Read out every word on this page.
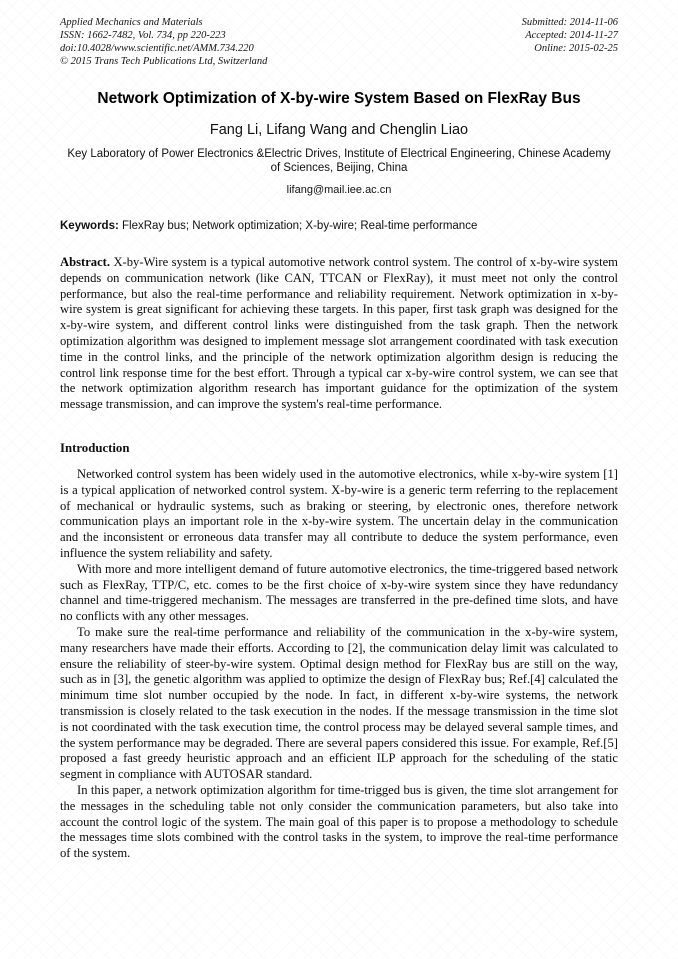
Applied Mechanics and Materials
ISSN: 1662-7482, Vol. 734, pp 220-223
doi:10.4028/www.scientific.net/AMM.734.220
© 2015 Trans Tech Publications Ltd, Switzerland
Submitted: 2014-11-06
Accepted: 2014-11-27
Online: 2015-02-25
Network Optimization of X-by-wire System Based on FlexRay Bus
Fang Li, Lifang Wang and Chenglin Liao
Key Laboratory of Power Electronics &Electric Drives, Institute of Electrical Engineering, Chinese Academy of Sciences, Beijing, China
lifang@mail.iee.ac.cn
Keywords: FlexRay bus; Network optimization; X-by-wire; Real-time performance
Abstract. X-by-Wire system is a typical automotive network control system. The control of x-by-wire system depends on communication network (like CAN, TTCAN or FlexRay), it must meet not only the control performance, but also the real-time performance and reliability requirement. Network optimization in x-by-wire system is great significant for achieving these targets. In this paper, first task graph was designed for the x-by-wire system, and different control links were distinguished from the task graph. Then the network optimization algorithm was designed to implement message slot arrangement coordinated with task execution time in the control links, and the principle of the network optimization algorithm design is reducing the control link response time for the best effort. Through a typical car x-by-wire control system, we can see that the network optimization algorithm research has important guidance for the optimization of the system message transmission, and can improve the system's real-time performance.
Introduction

Networked control system has been widely used in the automotive electronics, while x-by-wire system [1] is a typical application of networked control system. X-by-wire is a generic term referring to the replacement of mechanical or hydraulic systems, such as braking or steering, by electronic ones, therefore network communication plays an important role in the x-by-wire system. The uncertain delay in the communication and the inconsistent or erroneous data transfer may all contribute to deduce the system performance, even influence the system reliability and safety.

With more and more intelligent demand of future automotive electronics, the time-triggered based network such as FlexRay, TTP/C, etc. comes to be the first choice of x-by-wire system since they have redundancy channel and time-triggered mechanism. The messages are transferred in the pre-defined time slots, and have no conflicts with any other messages.

To make sure the real-time performance and reliability of the communication in the x-by-wire system, many researchers have made their efforts. According to [2], the communication delay limit was calculated to ensure the reliability of steer-by-wire system. Optimal design method for FlexRay bus are still on the way, such as in [3], the genetic algorithm was applied to optimize the design of FlexRay bus; Ref.[4] calculated the minimum time slot number occupied by the node. In fact, in different x-by-wire systems, the network transmission is closely related to the task execution in the nodes. If the message transmission in the time slot is not coordinated with the task execution time, the control process may be delayed several sample times, and the system performance may be degraded. There are several papers considered this issue. For example, Ref.[5] proposed a fast greedy heuristic approach and an efficient ILP approach for the scheduling of the static segment in compliance with AUTOSAR standard.

In this paper, a network optimization algorithm for time-trigged bus is given, the time slot arrangement for the messages in the scheduling table not only consider the communication parameters, but also take into account the control logic of the system. The main goal of this paper is to propose a methodology to schedule the messages time slots combined with the control tasks in the system, to improve the real-time performance of the system.
